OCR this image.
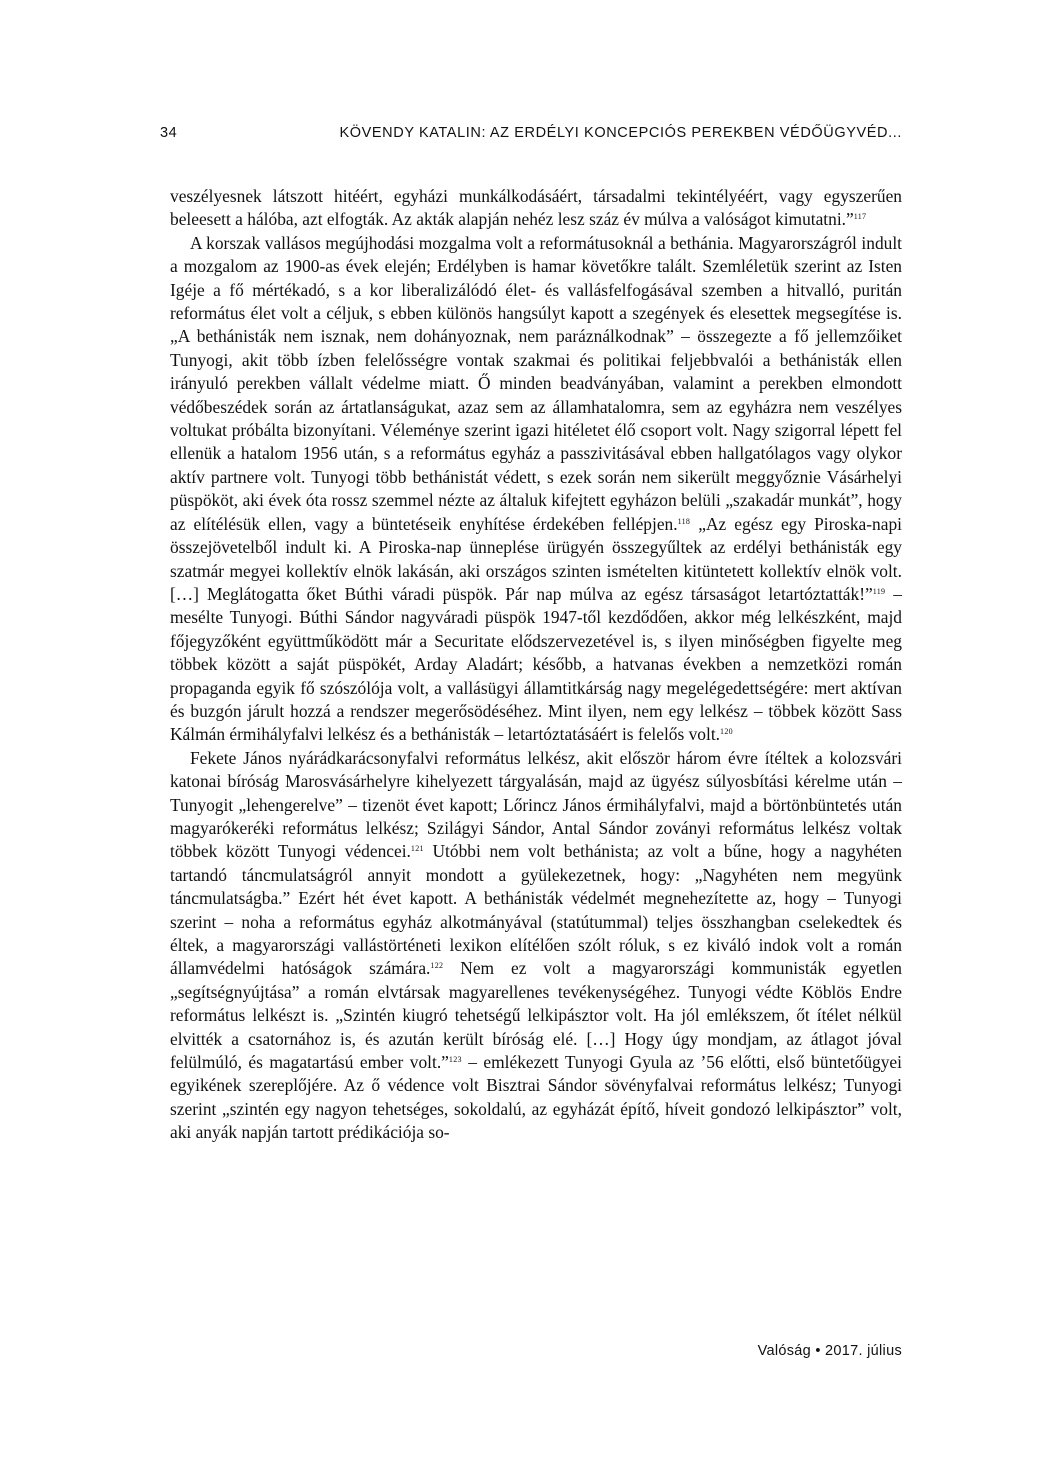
34	KÖVENDY KATALIN: AZ ERDÉLYI KONCEPCIÓS PEREKBEN VÉDŐÜGYVÉD...

veszélyesnek látszott hitéért, egyházi munkálkodásáért, társadalmi tekintélyéért, vagy egyszerűen beleesett a hálóba, azt elfogták. Az akták alapján nehéz lesz száz év múlva a valóságot kimutatni.”$^{117}$

A korszak vallásos megújhodási mozgalma volt a reformátusoknál a bethánia. Magyarországról indult a mozgalom az 1900-as évek elején; Erdélyben is hamar követőkre talált. Szemléletük szerint az Isten Igéje a fő mértékadó, s a kor liberalizálódó élet- és vallásfelfogásával szemben a hitvalló, puritán református élet volt a céljuk, s ebben különös hangsúlyt kapott a szegények és elesettek megsegítése is. „A bethánisták nem isznak, nem dohányoznak, nem paráználkodnak” – összegezte a fő jellemzőiket Tunyogi, akit több ízben felelősségre vontak szakmai és politikai feljebbvalói a bethánisták ellen irányuló perekben vállalt védelme miatt. Ő minden beadványában, valamint a perekben elmondott védőbeszédek során az ártatlanságukat, azaz sem az államhatalomra, sem az egyházra nem veszélyes voltukat próbálta bizonyítani. Véleménye szerint igazi hitéletet élő csoport volt. Nagy szigorral lépett fel ellenük a hatalom 1956 után, s a református egyház a passzivitásával ebben hallgatólagos vagy olykor aktív partnere volt. Tunyogi több bethánistát védett, s ezek során nem sikerült meggyőznie Vásárhelyi püspököt, aki évek óta rossz szemmel nézte az általuk kifejtett egyházon belüli „szakadár munkát”, hogy az elítélésük ellen, vagy a büntetéseik enyhítése érdekében fellépjen.$^{118}$ „Az egész egy Piroska-napi összejövetelből indult ki. A Piroska-nap ünneplése ürügyén összegyűltek az erdélyi bethánisták egy szatmár megyei kollektív elnök lakásán, aki országos szinten ismételten kitüntetett kollektív elnök volt. […] Meglátogatta őket Búthi váradi püspök. Pár nap múlva az egész társaságot letartóztatták!”$^{119}$ – mesélte Tunyogi. Búthi Sándor nagyváradi püspök 1947-től kezdődően, akkor még lelkészként, majd főjegyzőként együttműködött már a Securitate elődszervezetével is, s ilyen minőségben figyelte meg többek között a saját püspökét, Arday Aladárt; később, a hatvanas években a nemzetközi román propaganda egyik fő szószólója volt, a vallásügyi államtitkárság nagy megelégedettségére: mert aktívan és buzgón járult hozzá a rendszer megerősödéséhez. Mint ilyen, nem egy lelkész – többek között Sass Kálmán érmihályfalvi lelkész és a bethánisták – letartóztatásáért is felelős volt.$^{120}$

Fekete János nyárádkarácsonyfalvi református lelkész, akit először három évre ítéltek a kolozsvári katonai bíróság Marosvásárhelyre kihelyezett tárgyalásán, majd az ügyész súlyosbítási kérelme után – Tunyogit „lehengerelve” – tizenöt évet kapott; Lőrincz János érmihályfalvi, majd a börtönbüntetés után magyarókeréki református lelkész; Szilágyi Sándor, Antal Sándor zoványi református lelkész voltak többek között Tunyogi védencei.$^{121}$ Utóbbi nem volt bethánista; az volt a bűne, hogy a nagyhéten tartandó táncmulatságról annyit mondott a gyülekezetnek, hogy: „Nagyhéten nem megyünk táncmulatságba.” Ezért hét évet kapott. A bethánisták védelmét megnehezítette az, hogy – Tunyogi szerint – noha a református egyház alkotmányával (statútummal) teljes összhangban cselekedtek és éltek, a magyarországi vallástörténeti lexikon elítélően szólt róluk, s ez kiváló indok volt a román államvédelmi hatóságok számára.$^{122}$ Nem ez volt a magyarországi kommunisták egyetlen „segítségnyújtása” a román elvtársak magyarellenes tevékenységéhez. Tunyogi védte Köblös Endre református lelkészt is. „Szintén kiugró tehetségű lelkipásztor volt. Ha jól emlékszem, őt ítélet nélkül elvitték a csatornához is, és azután került bíróság elé. […] Hogy úgy mondjam, az átlagot jóval felülmúló, és magatartású ember volt.”$^{123}$ – emlékezett Tunyogi Gyula az ’56 előtti, első büntetőügyei egyikének szereplőjére. Az ő védence volt Bisztrai Sándor sövényfalvai református lelkész; Tunyogi szerint „szintén egy nagyon tehetséges, sokoldalú, az egyházát építő, híveit gondozó lelkipásztor” volt, aki anyák napján tartott prédikációja so-

Valóság • 2017. július
